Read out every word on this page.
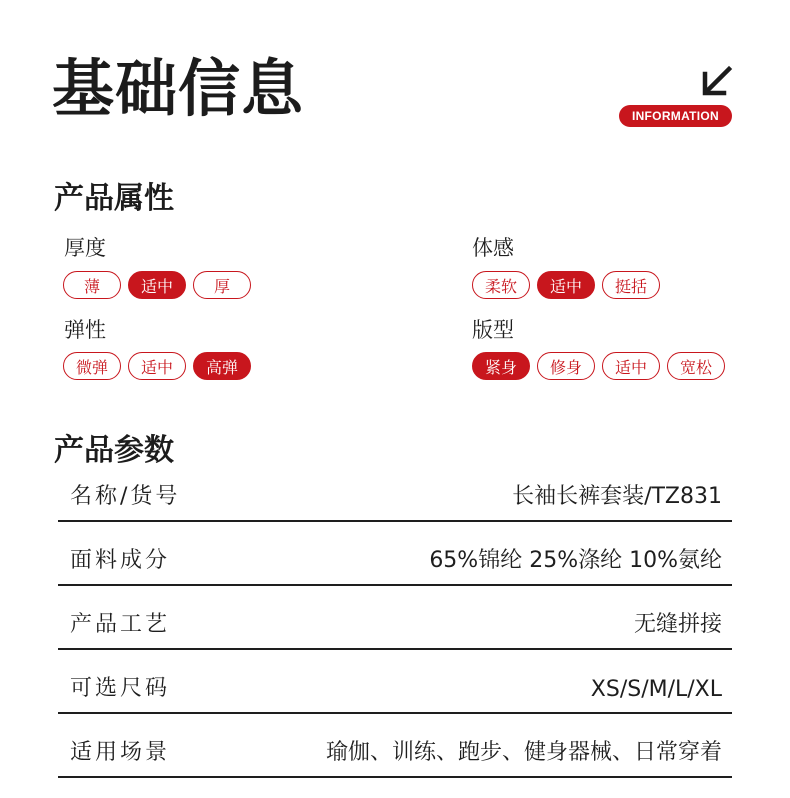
基础信息	INFORMATION
产品属性
厚度
薄	适中	厚
体感
柔软	适中	挺括
弹性
微弹	适中	高弹
版型
紧身	修身	适中	宽松
产品参数
名称/货号	长袖长裤套装/TZ831
面料成分	65%锦纶 25%涤纶 10%氨纶
产品工艺	无缝拼接
可选尺码	XS/S/M/L/XL
适用场景	瑜伽、训练、跑步、健身器械、日常穿着
